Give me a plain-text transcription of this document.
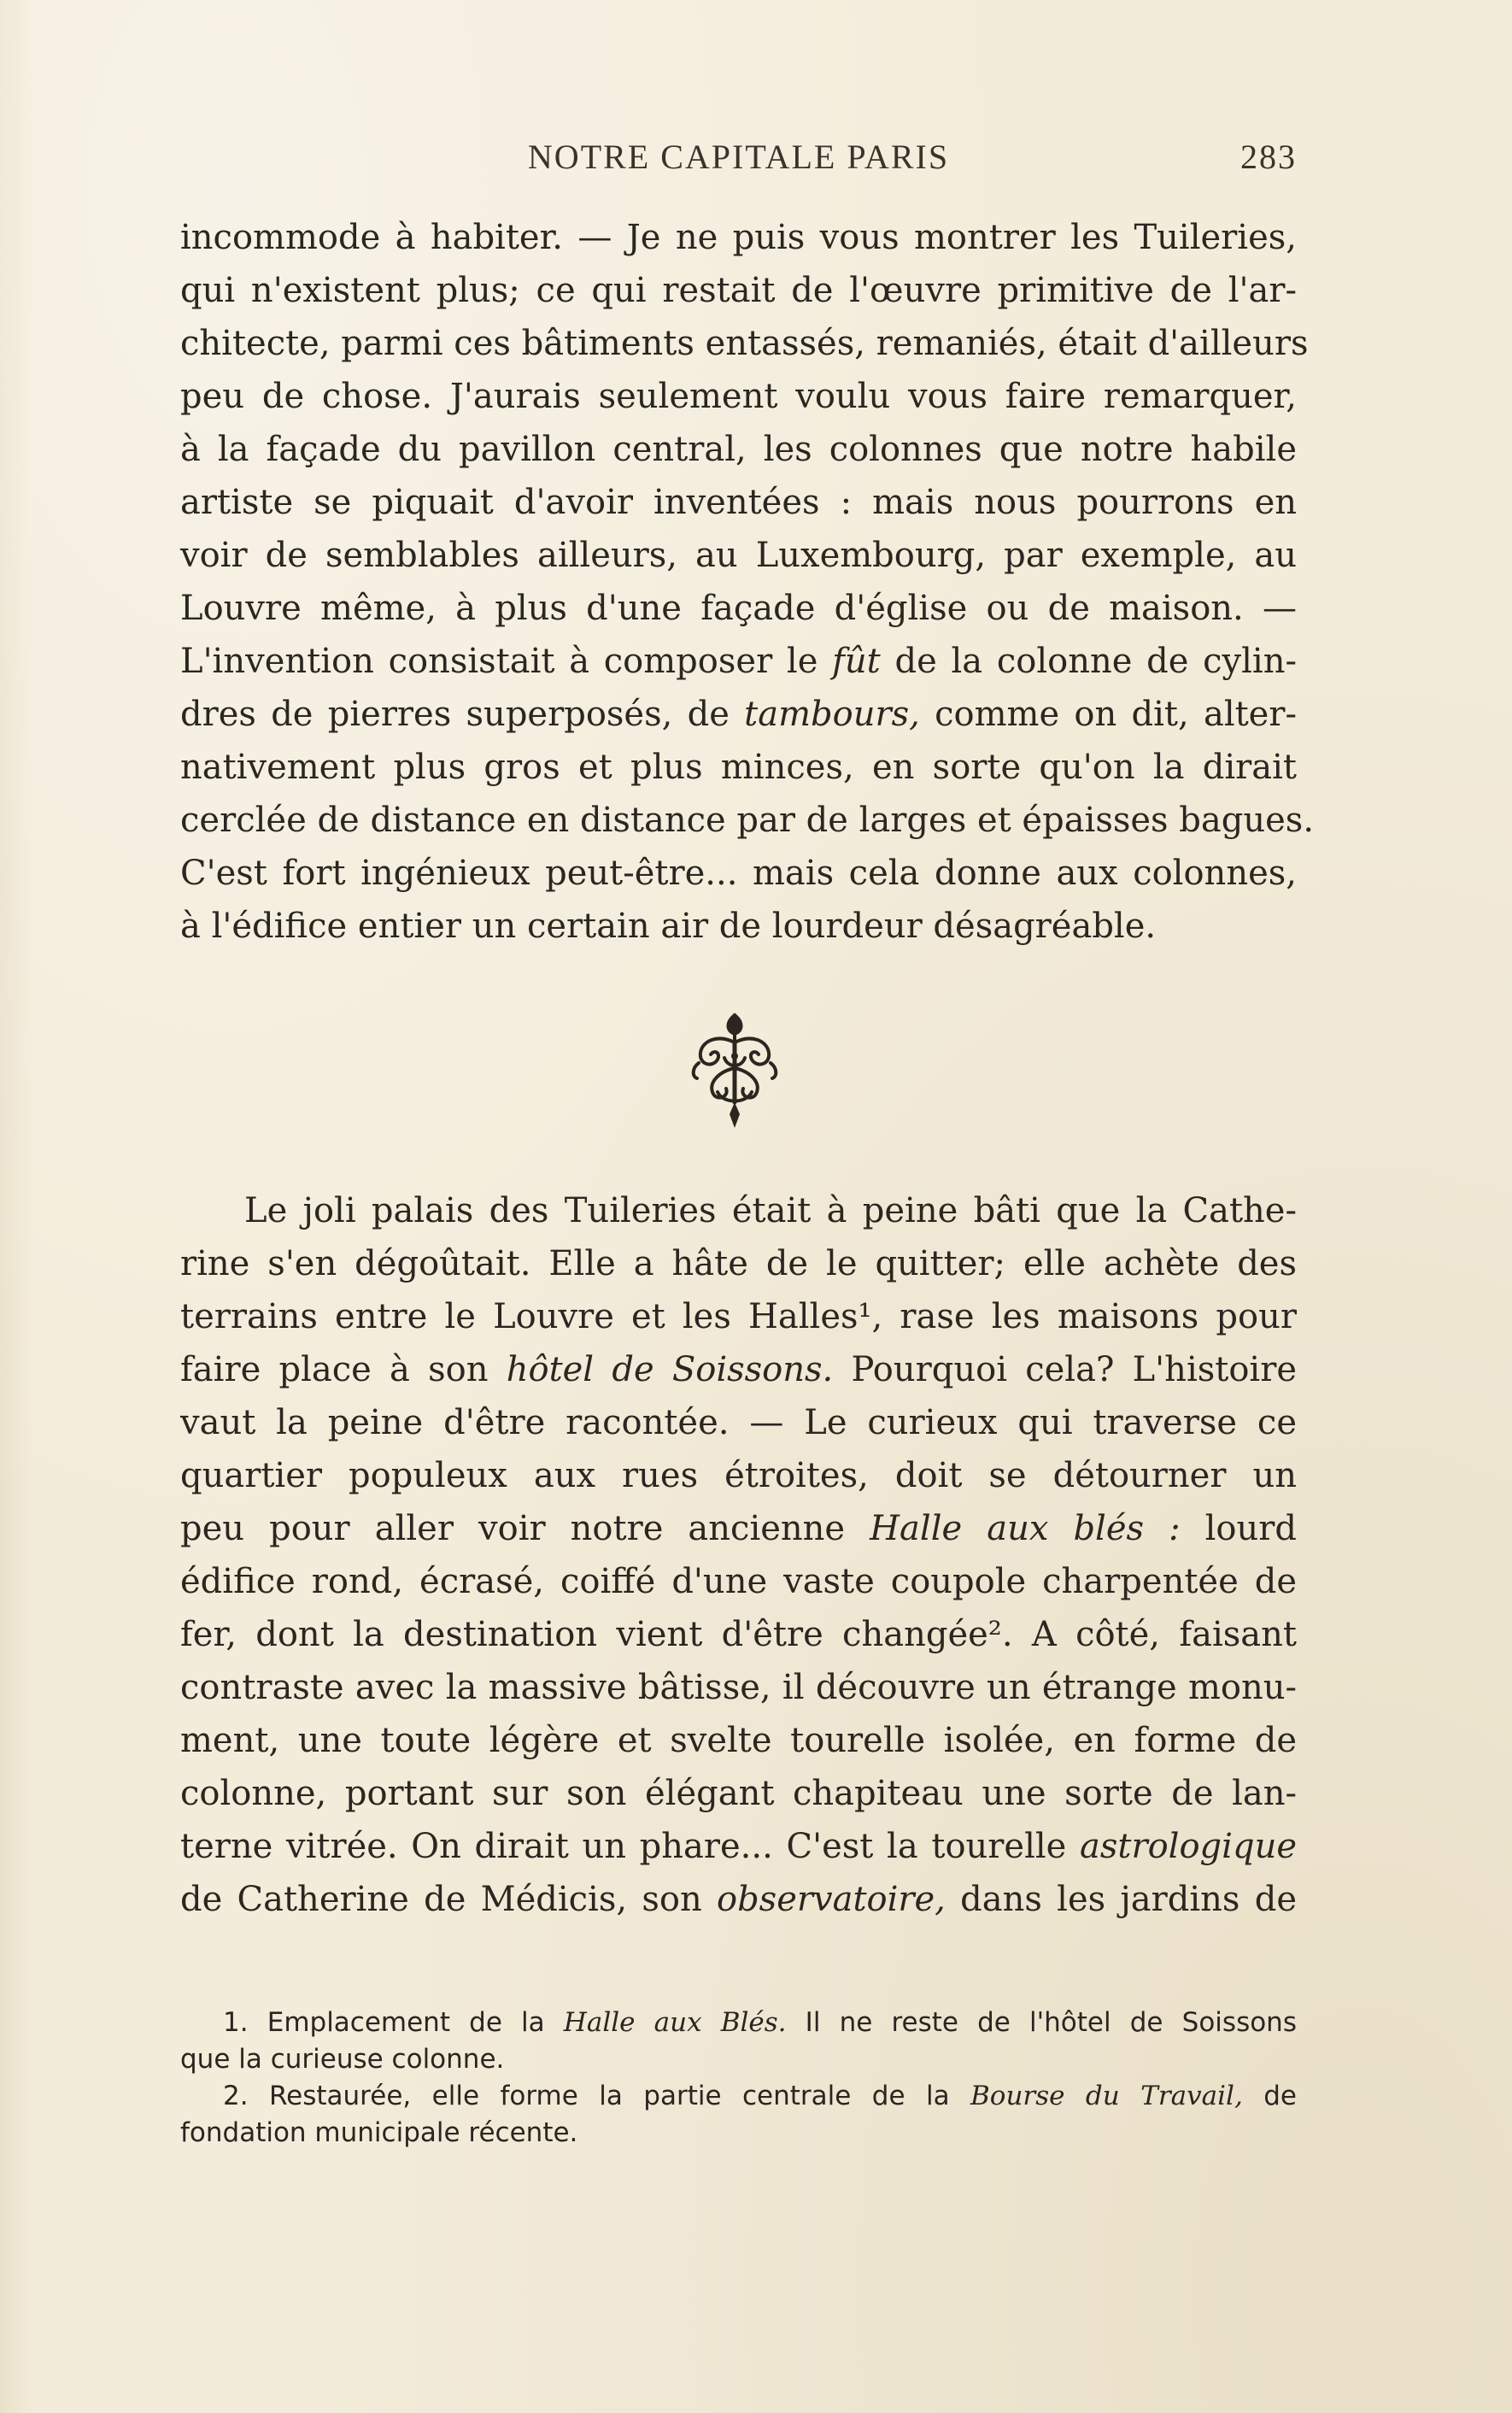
NOTRE CAPITALE PARIS	283
incommode à habiter. — Je ne puis vous montrer les Tuileries,
qui n'existent plus; ce qui restait de l'œuvre primitive de l'ar-
chitecte, parmi ces bâtiments entassés, remaniés, était d'ailleurs
peu de chose. J'aurais seulement voulu vous faire remarquer,
à la façade du pavillon central, les colonnes que notre habile
artiste se piquait d'avoir inventées : mais nous pourrons en
voir de semblables ailleurs, au Luxembourg, par exemple, au
Louvre même, à plus d'une façade d'église ou de maison. —
L'invention consistait à composer le fût de la colonne de cylin-
dres de pierres superposés, de tambours, comme on dit, alter-
nativement plus gros et plus minces, en sorte qu'on la dirait
cerclée de distance en distance par de larges et épaisses bagues.
C'est fort ingénieux peut-être... mais cela donne aux colonnes,
à l'édifice entier un certain air de lourdeur désagréable.
Le joli palais des Tuileries était à peine bâti que la Cathe-
rine s'en dégoûtait. Elle a hâte de le quitter; elle achète des
terrains entre le Louvre et les Halles¹, rase les maisons pour
faire place à son hôtel de Soissons. Pourquoi cela? L'histoire
vaut la peine d'être racontée. — Le curieux qui traverse ce
quartier populeux aux rues étroites, doit se détourner un
peu pour aller voir notre ancienne Halle aux blés : lourd
édifice rond, écrasé, coiffé d'une vaste coupole charpentée de
fer, dont la destination vient d'être changée². A côté, faisant
contraste avec la massive bâtisse, il découvre un étrange monu-
ment, une toute légère et svelte tourelle isolée, en forme de
colonne, portant sur son élégant chapiteau une sorte de lan-
terne vitrée. On dirait un phare... C'est la tourelle astrologique
de Catherine de Médicis, son observatoire, dans les jardins de
1. Emplacement de la Halle aux Blés. Il ne reste de l'hôtel de Soissons
que la curieuse colonne.
2. Restaurée, elle forme la partie centrale de la Bourse du Travail, de
fondation municipale récente.
